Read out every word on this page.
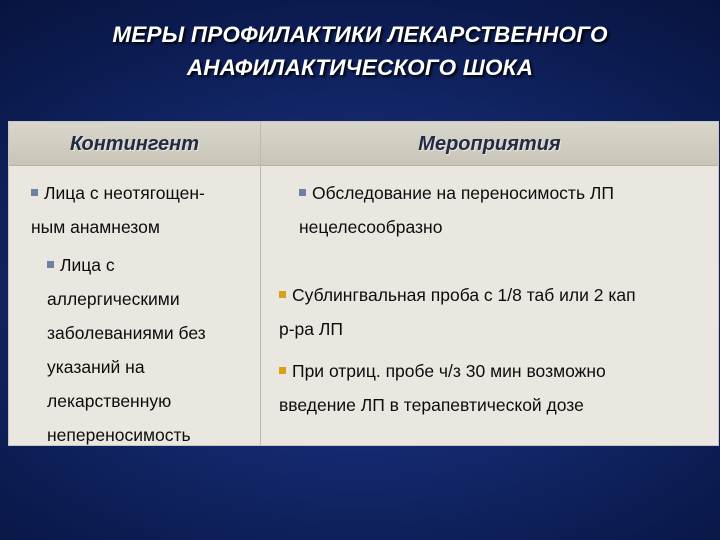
МЕРЫ ПРОФИЛАКТИКИ ЛЕКАРСТВЕННОГО
АНАФИЛАКТИЧЕСКОГО ШОКА
Контингент	Мероприятия
Лица с неотягощен-
ным анамнезом
Лица с
аллергическими
заболеваниями без
указаний на
лекарственную
непереносимость
Обследование на переносимость ЛП
нецелесообразно
Сублингвальная проба с 1/8 таб или 2 кап
р-ра ЛП
При отриц. пробе ч/з 30 мин возможно
введение ЛП в терапевтической дозе
